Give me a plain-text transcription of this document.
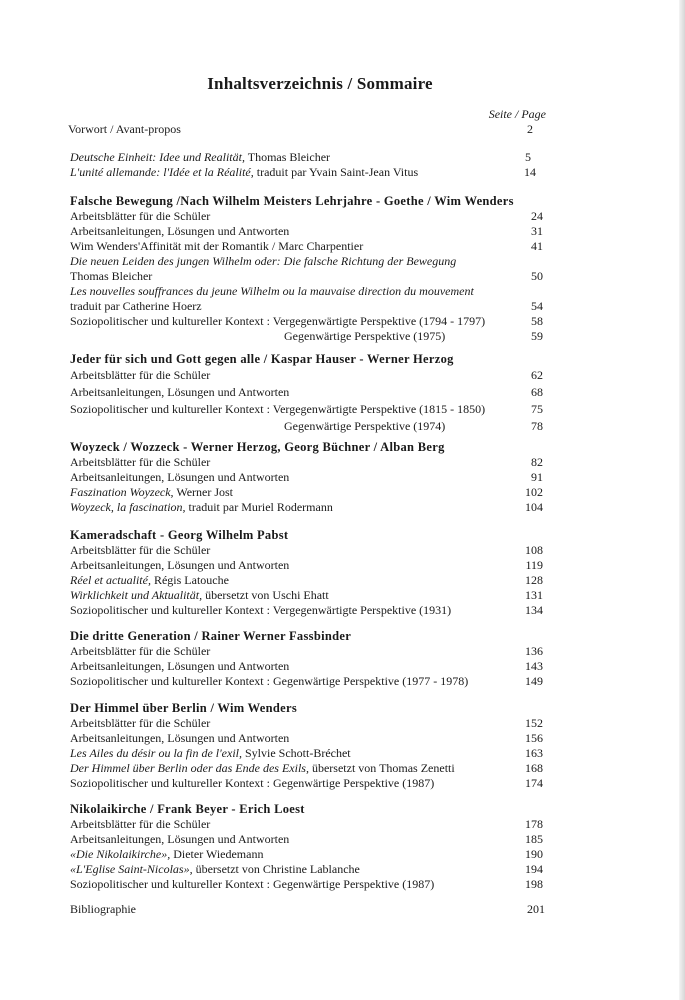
Inhaltsverzeichnis / Sommaire
Seite / Page
Vorwort / Avant-propos	2
Deutsche Einheit: Idee und Realität, Thomas Bleicher	5
L'unité allemande: l'Idée et la Réalité, traduit par Yvain Saint-Jean Vitus	14
Falsche Bewegung /Nach Wilhelm Meisters Lehrjahre - Goethe / Wim Wenders
Arbeitsblätter für die Schüler	24
Arbeitsanleitungen, Lösungen und Antworten	31
Wim Wenders'Affinität mit der Romantik / Marc Charpentier	41
Die neuen Leiden des jungen Wilhelm oder: Die falsche Richtung der Bewegung
Thomas Bleicher	50
Les nouvelles souffrances du jeune Wilhelm ou la mauvaise direction du mouvement
traduit par Catherine Hoerz	54
Soziopolitischer und kultureller Kontext : Vergegenwärtigte Perspektive (1794 - 1797)	58
Gegenwärtige Perspektive (1975)	59
Jeder für sich und Gott gegen alle / Kaspar Hauser - Werner Herzog
Arbeitsblätter für die Schüler	62
Arbeitsanleitungen, Lösungen und Antworten	68
Soziopolitischer und kultureller Kontext : Vergegenwärtigte Perspektive (1815 - 1850)	75
Gegenwärtige Perspektive (1974)	78
Woyzeck / Wozzeck - Werner Herzog, Georg Büchner / Alban Berg
Arbeitsblätter für die Schüler	82
Arbeitsanleitungen, Lösungen und Antworten	91
Faszination Woyzeck, Werner Jost	102
Woyzeck, la fascination, traduit par Muriel Rodermann	104
Kameradschaft - Georg Wilhelm Pabst
Arbeitsblätter für die Schüler	108
Arbeitsanleitungen, Lösungen und Antworten	119
Réel et actualité, Régis Latouche	128
Wirklichkeit und Aktualität, übersetzt von Uschi Ehatt	131
Soziopolitischer und kultureller Kontext : Vergegenwärtigte Perspektive (1931)	134
Die dritte Generation / Rainer Werner Fassbinder
Arbeitsblätter für die Schüler	136
Arbeitsanleitungen, Lösungen und Antworten	143
Soziopolitischer und kultureller Kontext : Gegenwärtige Perspektive (1977 - 1978)	149
Der Himmel über Berlin / Wim Wenders
Arbeitsblätter für die Schüler	152
Arbeitsanleitungen, Lösungen und Antworten	156
Les Ailes du désir ou la fin de l'exil, Sylvie Schott-Bréchet	163
Der Himmel über Berlin oder das Ende des Exils, übersetzt von Thomas Zenetti	168
Soziopolitischer und kultureller Kontext : Gegenwärtige Perspektive (1987)	174
Nikolaikirche / Frank Beyer - Erich Loest
Arbeitsblätter für die Schüler	178
Arbeitsanleitungen, Lösungen und Antworten	185
«Die Nikolaikirche», Dieter Wiedemann	190
«L'Eglise Saint-Nicolas», übersetzt von Christine Lablanche	194
Soziopolitischer und kultureller Kontext : Gegenwärtige Perspektive (1987)	198
Bibliographie	201
